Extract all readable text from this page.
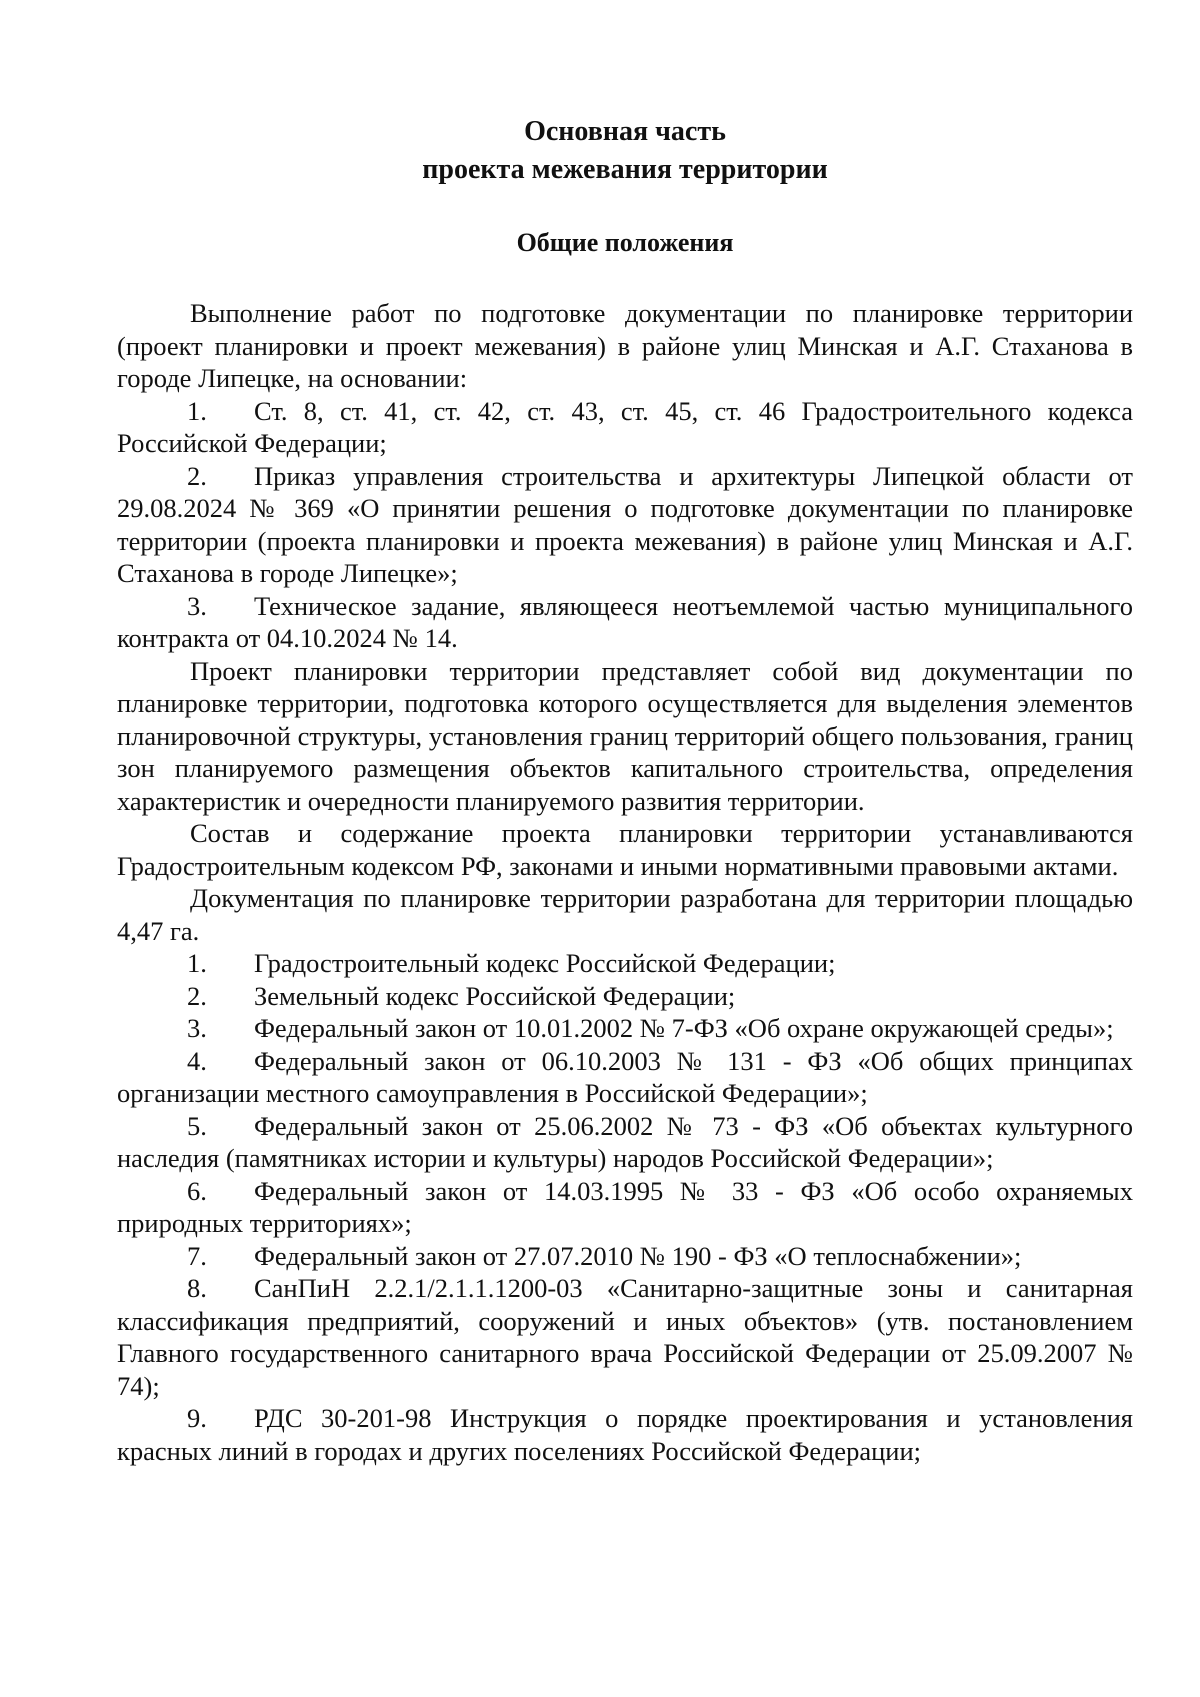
Основная часть

проекта межевания территории

Общие положения

Выполнение работ по подготовке документации по планировке территории (проект планировки и проект межевания) в районе улиц Минская и А.Г. Стаханова в городе Липецке, на основании:

1. Ст. 8, ст. 41, ст. 42, ст. 43, ст. 45, ст. 46 Градостроительного кодекса Российской Федерации;

2. Приказ управления строительства и архитектуры Липецкой области от 29.08.2024 № 369 «О принятии решения о подготовке документации по планировке территории (проекта планировки и проекта межевания) в районе улиц Минская и А.Г. Стаханова в городе Липецке»;

3. Техническое задание, являющееся неотъемлемой частью муниципального контракта от 04.10.2024 № 14.

Проект планировки территории представляет собой вид документации по планировке территории, подготовка которого осуществляется для выделения элементов планировочной структуры, установления границ территорий общего пользования, границ зон планируемого размещения объектов капитального строительства, определения характеристик и очередности планируемого развития территории.

Состав и содержание проекта планировки территории устанавливаются Градостроительным кодексом РФ, законами и иными нормативными правовыми актами.

Документация по планировке территории разработана для территории площадью 4,47 га.

1. Градостроительный кодекс Российской Федерации;

2. Земельный кодекс Российской Федерации;

3. Федеральный закон от 10.01.2002 № 7-ФЗ «Об охране окружающей среды»;

4. Федеральный закон от 06.10.2003 № 131 - ФЗ «Об общих принципах организации местного самоуправления в Российской Федерации»;

5. Федеральный закон от 25.06.2002 № 73 - ФЗ «Об объектах культурного наследия (памятниках истории и культуры) народов Российской Федерации»;

6. Федеральный закон от 14.03.1995 № 33 - ФЗ «Об особо охраняемых природных территориях»;

7. Федеральный закон от 27.07.2010 № 190 - ФЗ «О теплоснабжении»;

8. СанПиН 2.2.1/2.1.1.1200-03 «Санитарно-защитные зоны и санитарная классификация предприятий, сооружений и иных объектов» (утв. постановлением Главного государственного санитарного врача Российской Федерации от 25.09.2007 № 74);

9. РДС 30-201-98 Инструкция о порядке проектирования и установления красных линий в городах и других поселениях Российской Федерации;
